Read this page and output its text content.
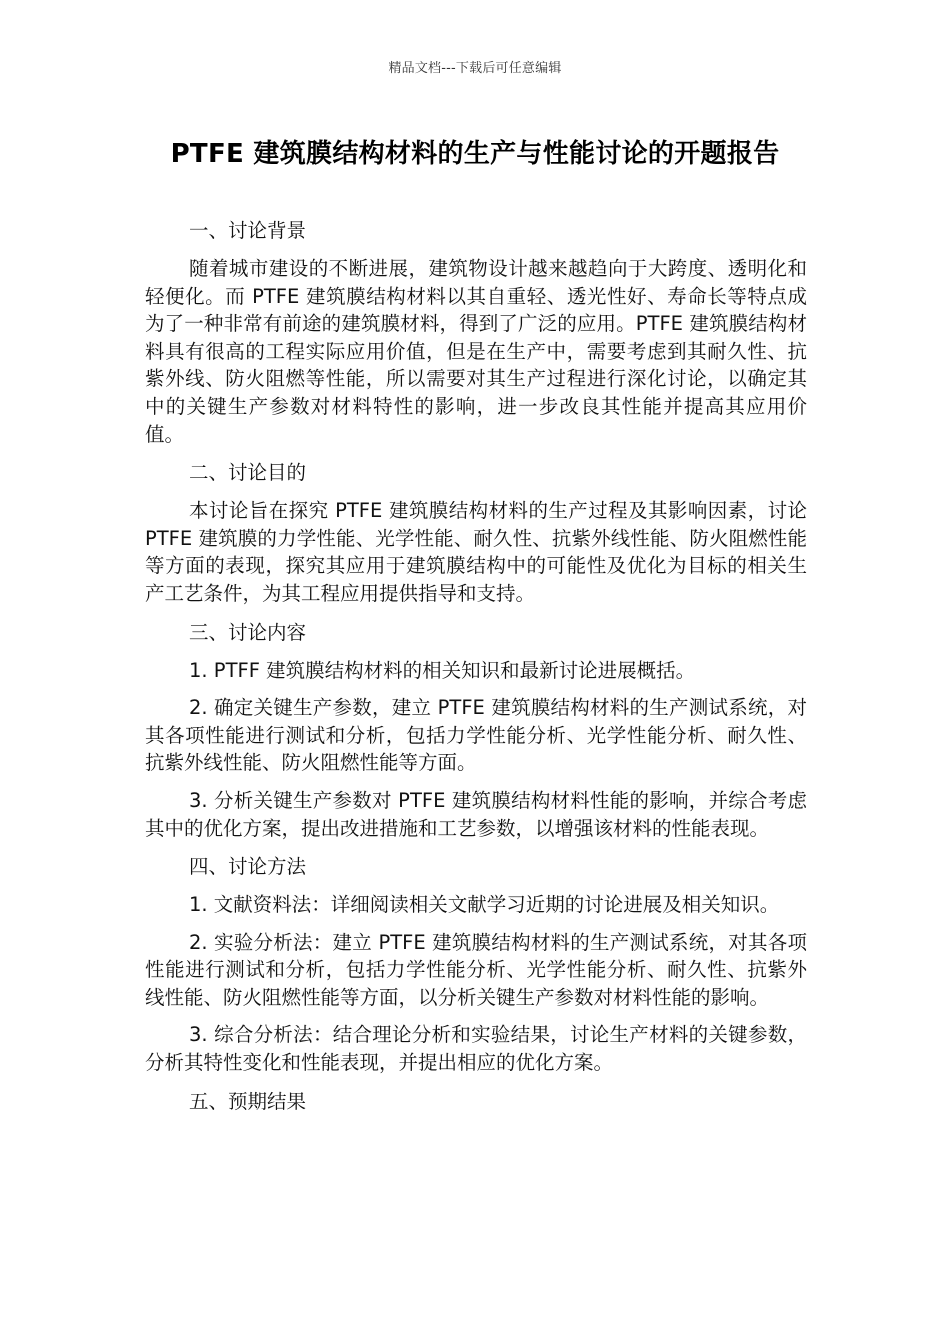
精品文档---下载后可任意编辑
PTFE 建筑膜结构材料的生产与性能讨论的开题报告
一、讨论背景

随着城市建设的不断进展，建筑物设计越来越趋向于大跨度、透明化和轻便化。而 PTFE 建筑膜结构材料以其自重轻、透光性好、寿命长等特点成为了一种非常有前途的建筑膜材料，得到了广泛的应用。PTFE 建筑膜结构材料具有很高的工程实际应用价值，但是在生产中，需要考虑到其耐久性、抗紫外线、防火阻燃等性能，所以需要对其生产过程进行深化讨论，以确定其中的关键生产参数对材料特性的影响，进一步改良其性能并提高其应用价值。

二、讨论目的

本讨论旨在探究 PTFE 建筑膜结构材料的生产过程及其影响因素，讨论 PTFE 建筑膜的力学性能、光学性能、耐久性、抗紫外线性能、防火阻燃性能等方面的表现，探究其应用于建筑膜结构中的可能性及优化为目标的相关生产工艺条件，为其工程应用提供指导和支持。

三、讨论内容

1. PTFF 建筑膜结构材料的相关知识和最新讨论进展概括。

2. 确定关键生产参数，建立 PTFE 建筑膜结构材料的生产测试系统，对其各项性能进行测试和分析，包括力学性能分析、光学性能分析、耐久性、抗紫外线性能、防火阻燃性能等方面。

3. 分析关键生产参数对 PTFE 建筑膜结构材料性能的影响，并综合考虑其中的优化方案，提出改进措施和工艺参数，以增强该材料的性能表现。

四、讨论方法

1. 文献资料法：详细阅读相关文献学习近期的讨论进展及相关知识。

2. 实验分析法：建立 PTFE 建筑膜结构材料的生产测试系统，对其各项性能进行测试和分析，包括力学性能分析、光学性能分析、耐久性、抗紫外线性能、防火阻燃性能等方面，以分析关键生产参数对材料性能的影响。

3. 综合分析法：结合理论分析和实验结果，讨论生产材料的关键参数，分析其特性变化和性能表现，并提出相应的优化方案。

五、预期结果
